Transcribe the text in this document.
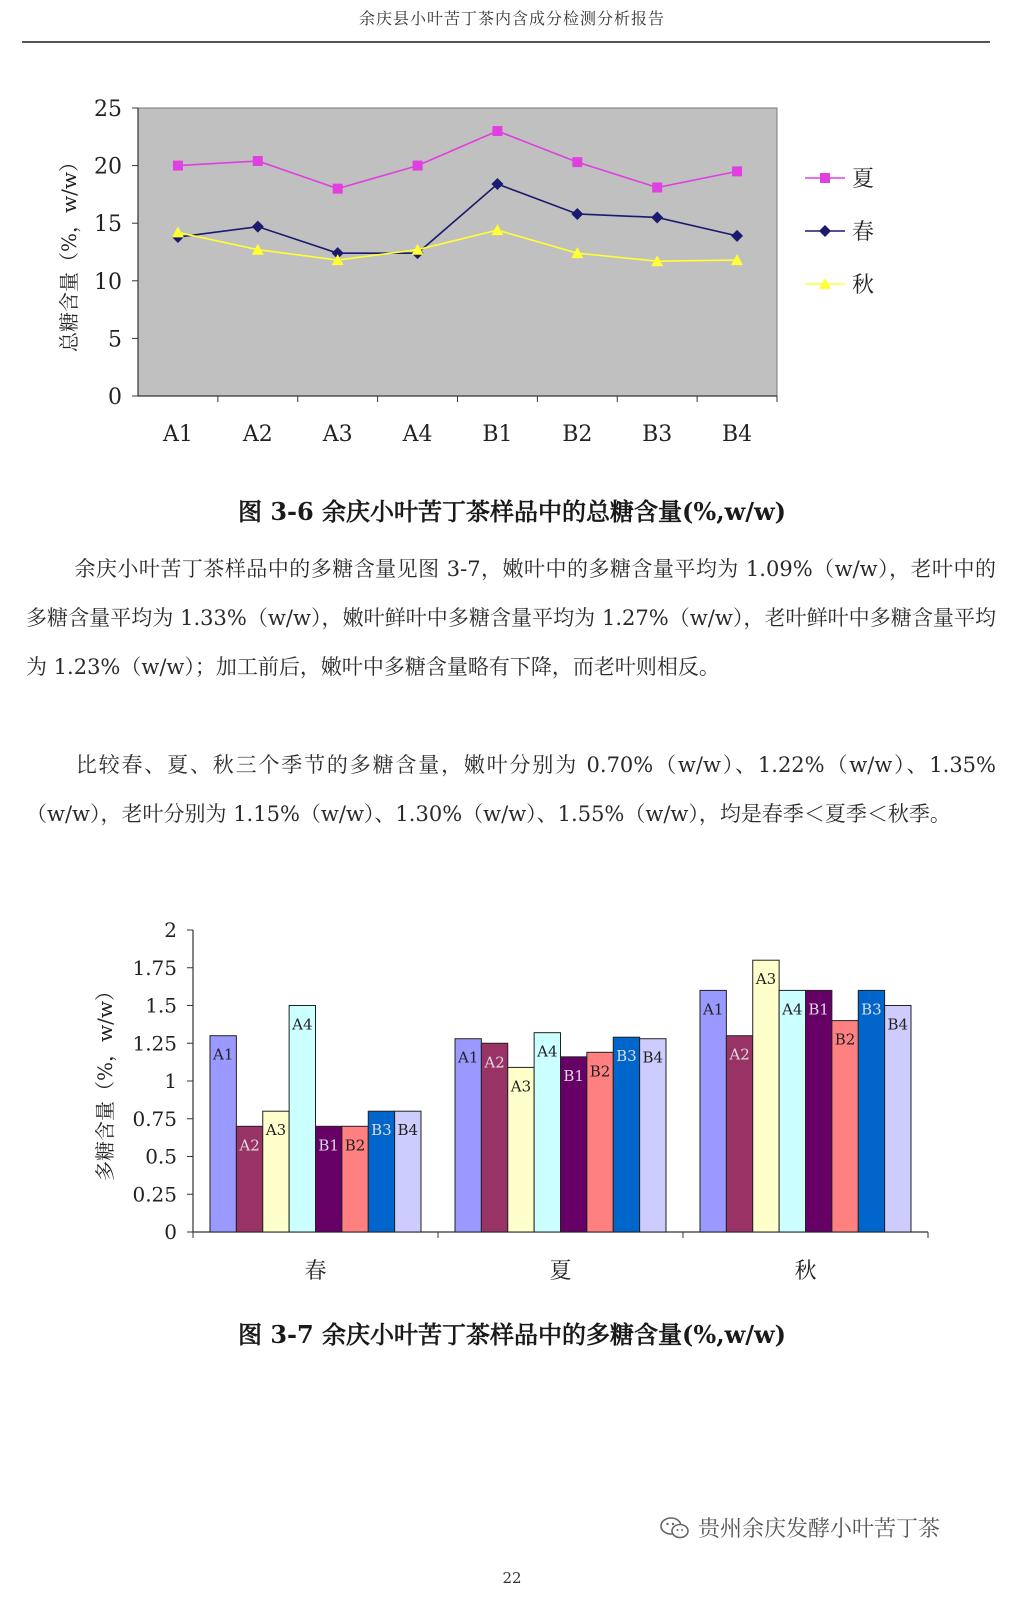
余庆县小叶苦丁茶内含成分检测分析报告
0
5
10
15
20
25
A1 A2 A3 A4 B1 B2 B3 B4
总糖含量（%，w/w）	夏
春
秋
图 3-6 余庆小叶苦丁茶样品中的总糖含量(%,w/w)
余庆小叶苦丁茶样品中的多糖含量见图 3-7，嫩叶中的多糖含量平均为 1.09%（w/w），老叶中的多糖含量平均为 1.33%（w/w），嫩叶鲜叶中多糖含量平均为 1.27%（w/w），老叶鲜叶中多糖含量平均为 1.23%（w/w）；加工前后，嫩叶中多糖含量略有下降，而老叶则相反。
比较春、夏、秋三个季节的多糖含量，嫩叶分别为 0.70%（w/w）、1.22%（w/w）、1.35%（w/w），老叶分别为 1.15%（w/w）、1.30%（w/w）、1.55%（w/w），均是春季＜夏季＜秋季。
0
0.25
0.5
0.75
1
1.25
1.5
1.75
2
多糖含量（%，w/w）
春
A1
A2
A3
A4
B1 B2
B3 B4
夏
A1 A2
A3
A4
B1 B2
B3 B4
秋
A1
A2
A3
A4 B1
B2
B3
B4
图 3-7 余庆小叶苦丁茶样品中的多糖含量(%,w/w)
贵州余庆发酵小叶苦丁茶
22
